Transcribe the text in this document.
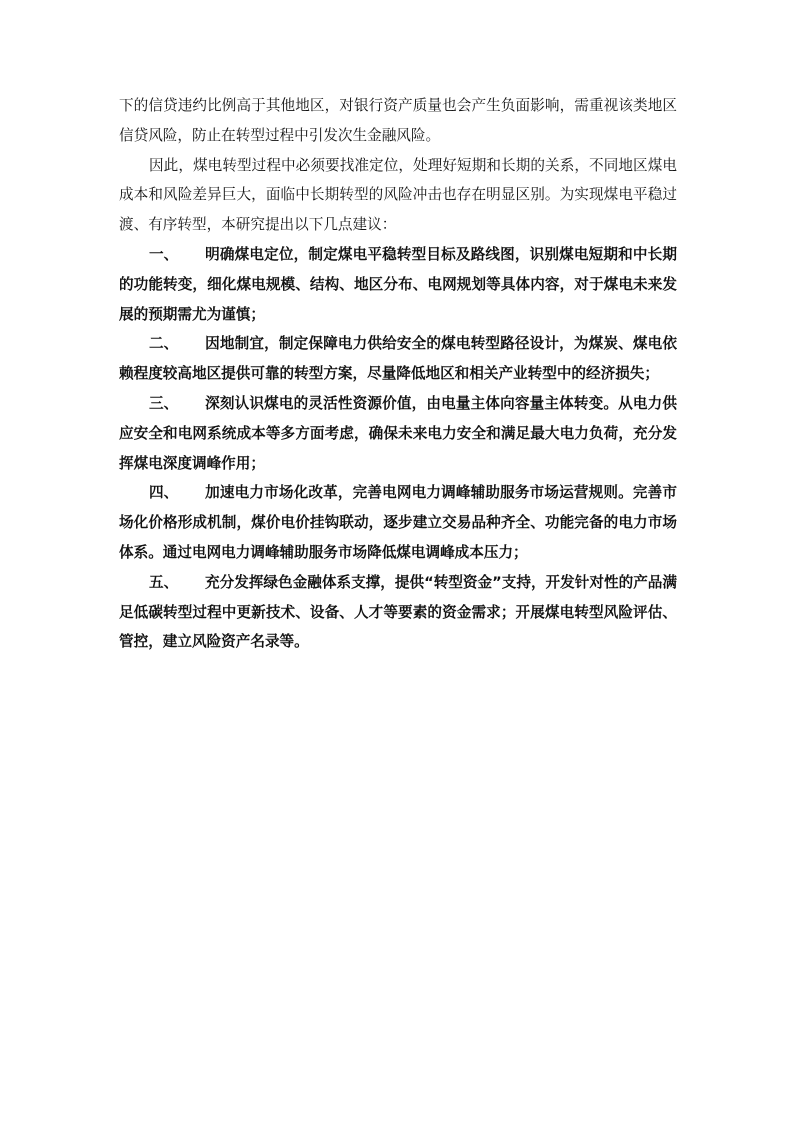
下的信贷违约比例高于其他地区，对银行资产质量也会产生负面影响，需重视该类地区信贷风险，防止在转型过程中引发次生金融风险。

因此，煤电转型过程中必须要找准定位，处理好短期和长期的关系，不同地区煤电成本和风险差异巨大，面临中长期转型的风险冲击也存在明显区别。为实现煤电平稳过渡、有序转型，本研究提出以下几点建议：

一、 明确煤电定位，制定煤电平稳转型目标及路线图，识别煤电短期和中长期的功能转变，细化煤电规模、结构、地区分布、电网规划等具体内容，对于煤电未来发展的预期需尤为谨慎；

二、 因地制宜，制定保障电力供给安全的煤电转型路径设计，为煤炭、煤电依赖程度较高地区提供可靠的转型方案，尽量降低地区和相关产业转型中的经济损失；

三、 深刻认识煤电的灵活性资源价值，由电量主体向容量主体转变。从电力供应安全和电网系统成本等多方面考虑，确保未来电力安全和满足最大电力负荷，充分发挥煤电深度调峰作用；

四、 加速电力市场化改革，完善电网电力调峰辅助服务市场运营规则。完善市场化价格形成机制，煤价电价挂钩联动，逐步建立交易品种齐全、功能完备的电力市场体系。通过电网电力调峰辅助服务市场降低煤电调峰成本压力；

五、 充分发挥绿色金融体系支撑，提供“转型资金”支持，开发针对性的产品满足低碳转型过程中更新技术、设备、人才等要素的资金需求；开展煤电转型风险评估、管控，建立风险资产名录等。
